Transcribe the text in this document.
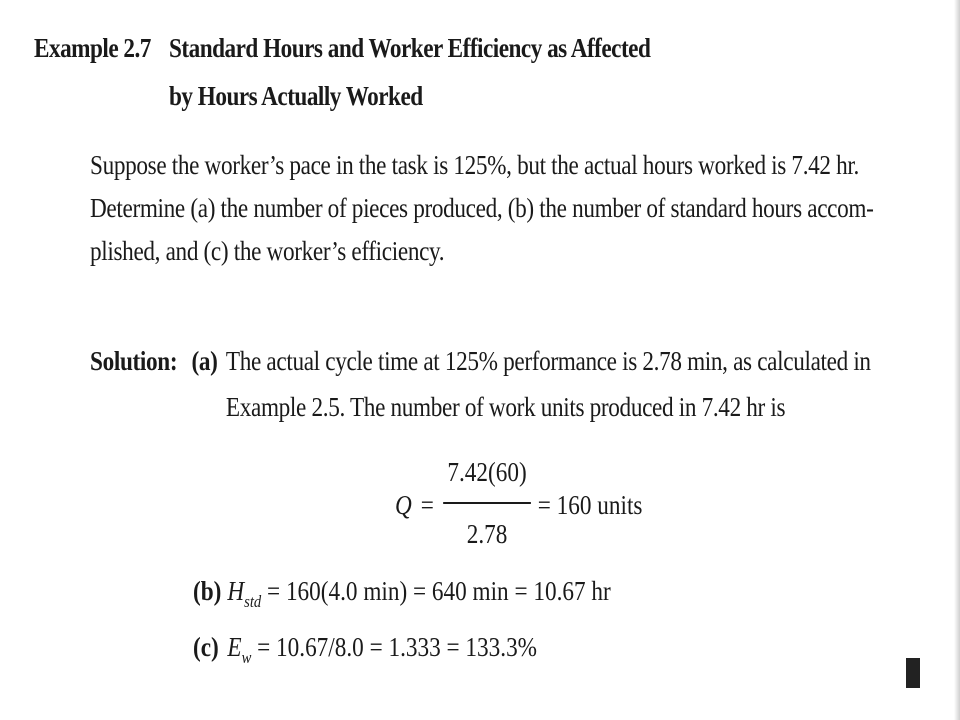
Example 2.7 Standard Hours and Worker Efficiency as Affected
by Hours Actually Worked
Suppose the worker’s pace in the task is 125%, but the actual hours worked is 7.42 hr.
Determine (a) the number of pieces produced, (b) the number of standard hours accom-
plished, and (c) the worker’s efficiency.
Solution: (a) The actual cycle time at 125% performance is 2.78 min, as calculated in
Example 2.5. The number of work units produced in 7.42 hr is
Q =
7.42(60)
2.78
= 160 units
(b) $H_{std} = 160(4.0$ min) = 640 min = 10.67 hr
(c) $E_w = 10.67/8.0 = 1.333 = 133.3\%$
